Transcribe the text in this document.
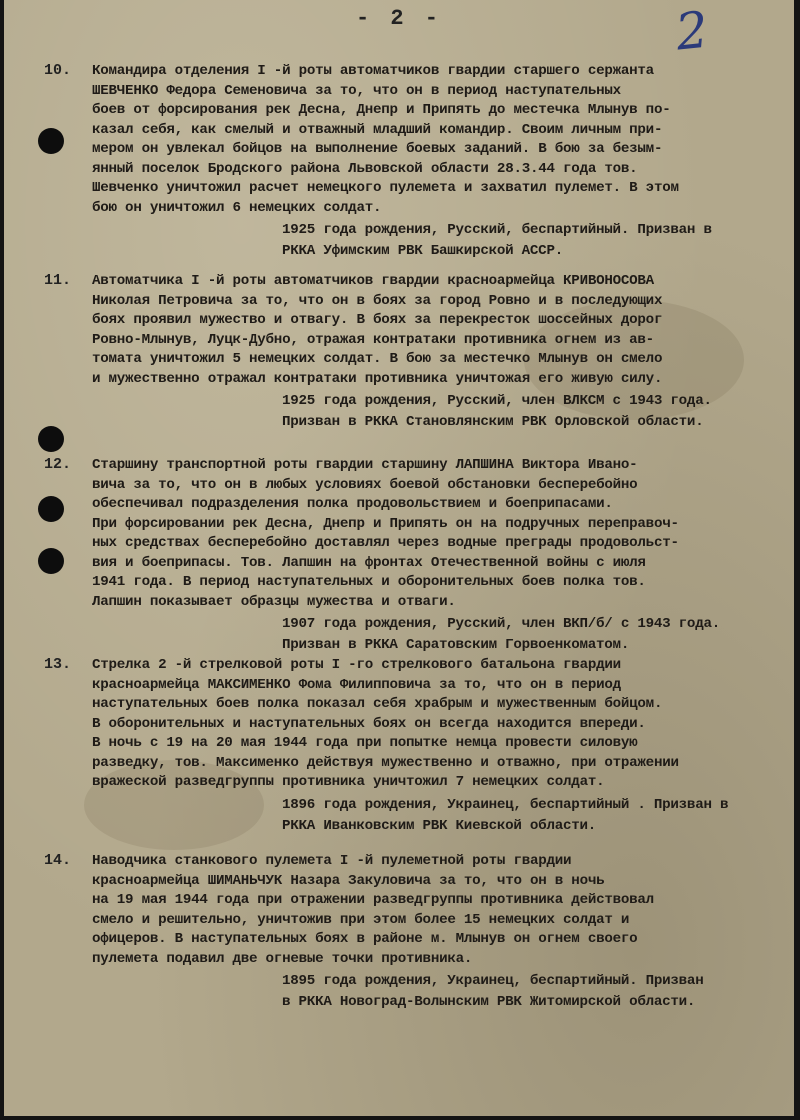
- 2 -	2
10. Командира отделения I -й роты автоматчиков гвардии старшего сержанта
ШЕВЧЕНКО Федора Семеновича за то, что он в период наступательных
боев от форсирования рек Десна, Днепр и Припять до местечка Млынув по-
казал себя, как смелый и отважный младший командир. Своим личным при-
мером он увлекал бойцов на выполнение боевых заданий. В бою за безым-
янный поселок Бродского района Львовской области 28.3.44 года тов.
Шевченко уничтожил расчет немецкого пулемета и захватил пулемет. В этом
бою он уничтожил 6 немецких солдат.
1925 года рождения, Русский, беспартийный. Призван в
РККА Уфимским РВК Башкирской АССР.
11. Автоматчика I -й роты автоматчиков гвардии красноармейца КРИВОНОСОВА
Николая Петровича за то, что он в боях за город Ровно и в последующих
боях проявил мужество и отвагу. В боях за перекресток шоссейных дорог
Ровно-Млынув, Луцк-Дубно, отражая контратаки противника огнем из ав-
томата уничтожил 5 немецких солдат. В бою за местечко Млынув он смело
и мужественно отражал контратаки противника уничтожая его живую силу.
1925 года рождения, Русский, член ВЛКСМ с 1943 года.
Призван в РККА Становлянским РВК Орловской области.
12. Старшину транспортной роты гвардии старшину ЛАПШИНА Виктора Ивано-
вича за то, что он в любых условиях боевой обстановки бесперебойно
обеспечивал подразделения полка продовольствием и боеприпасами.
При форсировании рек Десна, Днепр и Припять он на подручных переправоч-
ных средствах бесперебойно доставлял через водные преграды продовольст-
вия и боеприпасы. Тов. Лапшин на фронтах Отечественной войны с июля
1941 года. В период наступательных и оборонительных боев полка тов.
Лапшин показывает образцы мужества и отваги.
1907 года рождения, Русский, член ВКП/б/ с 1943 года.
Призван в РККА Саратовским Горвоенкоматом.
13. Стрелка 2 -й стрелковой роты I -го стрелкового батальона гвардии
красноармейца МАКСИМЕНКО Фома Филипповича за то, что он в период
наступательных боев полка показал себя храбрым и мужественным бойцом.
В оборонительных и наступательных боях он всегда находится впереди.
В ночь с 19 на 20 мая 1944 года при попытке немца провести силовую
разведку, тов. Максименко действуя мужественно и отважно, при отражении
вражеской разведгруппы противника уничтожил 7 немецких солдат.
1896 года рождения, Украинец, беспартийный . Призван в
РККА Иванковским РВК Киевской области.
14. Наводчика станкового пулемета I -й пулеметной роты гвардии
красноармейца ШИМАНЬЧУК Назара Закуловича за то, что он в ночь
на 19 мая 1944 года при отражении разведгруппы противника действовал
смело и решительно, уничтожив при этом более 15 немецких солдат и
офицеров. В наступательных боях в районе м. Млынув он огнем своего
пулемета подавил две огневые точки противника.
1895 года рождения, Украинец, беспартийный. Призван
в РККА Новоград-Волынским РВК Житомирской области.
